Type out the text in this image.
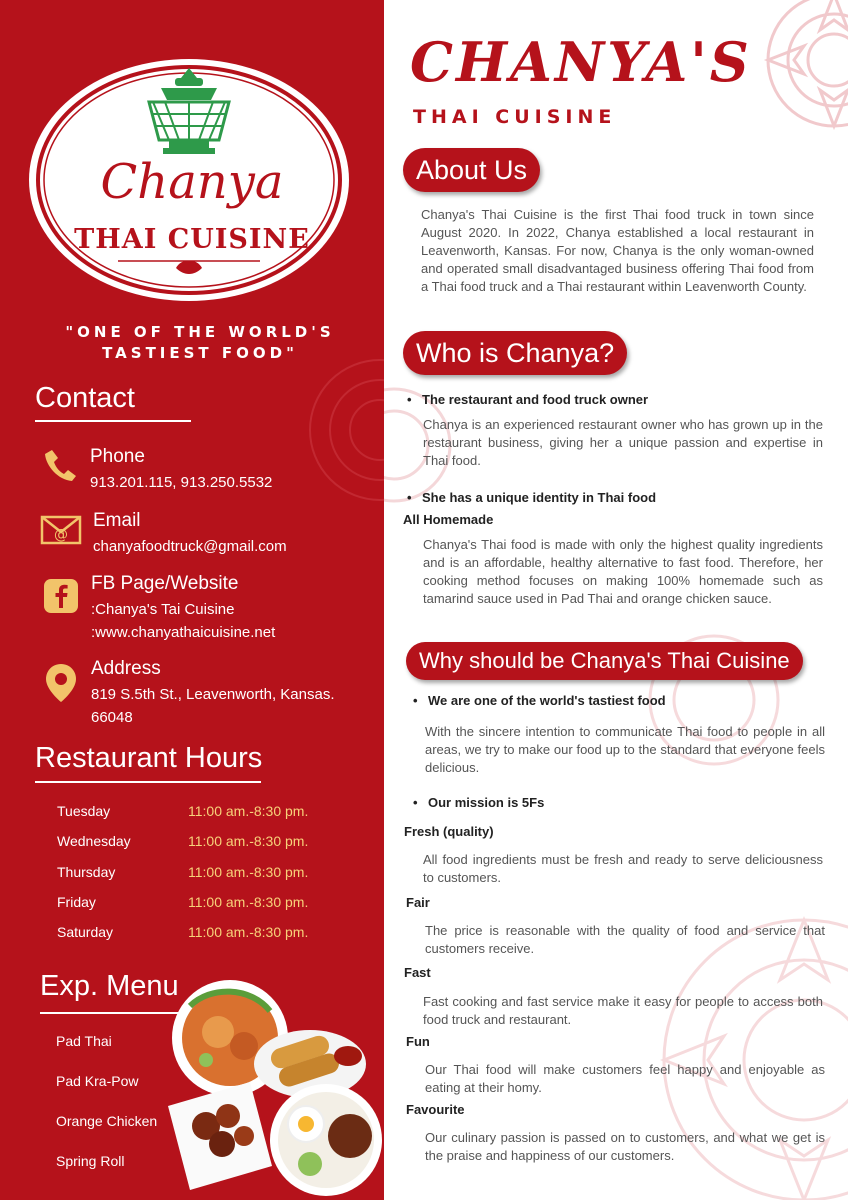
Chanya
THAI CUISINE
"ONE OF THE WORLD'S TASTIEST FOOD"
Contact
Phone
913.201.115, 913.250.5532
@
Email
chanyafoodtruck@gmail.com
FB Page/Website
:Chanya's Tai Cuisine
:www.chanyathaicuisine.net
Address
819 S.5th St., Leavenworth, Kansas.
66048
Restaurant Hours
Tuesday	11:00 am.-8:30 pm.
Wednesday	11:00 am.-8:30 pm.
Thursday	11:00 am.-8:30 pm.
Friday	11:00 am.-8:30 pm.
Saturday	11:00 am.-8:30 pm.
Exp. Menu
Pad Thai
Pad Kra-Pow
Orange Chicken
Spring Roll
CHANYA'S
THAI CUISINE
About Us
Chanya's Thai Cuisine is the first Thai food truck in town since August 2020. In 2022, Chanya established a local restaurant in Leavenworth, Kansas. For now, Chanya is the only woman-owned and operated small disadvantaged business offering Thai food from a Thai food truck and a Thai restaurant within Leavenworth County.
Who is Chanya?
• The restaurant and food truck owner
Chanya is an experienced restaurant owner who has grown up in the restaurant business, giving her a unique passion and expertise in Thai food.
• She has a unique identity in Thai food
All Homemade
Chanya's Thai food is made with only the highest quality ingredients and is an affordable, healthy alternative to fast food. Therefore, her cooking method focuses on making 100% homemade such as tamarind sauce used in Pad Thai and orange chicken sauce.
Why should be Chanya's Thai Cuisine
• We are one of the world's tastiest food
With the sincere intention to communicate Thai food to people in all areas, we try to make our food up to the standard that everyone feels delicious.
• Our mission is 5Fs
Fresh (quality)
All food ingredients must be fresh and ready to serve deliciousness to customers.
Fair
The price is reasonable with the quality of food and service that customers receive.
Fast
Fast cooking and fast service make it easy for people to access both food truck and restaurant.
Fun
Our Thai food will make customers feel happy and enjoyable as eating at their homy.
Favourite
Our culinary passion is passed on to customers, and what we get is the praise and happiness of our customers.
